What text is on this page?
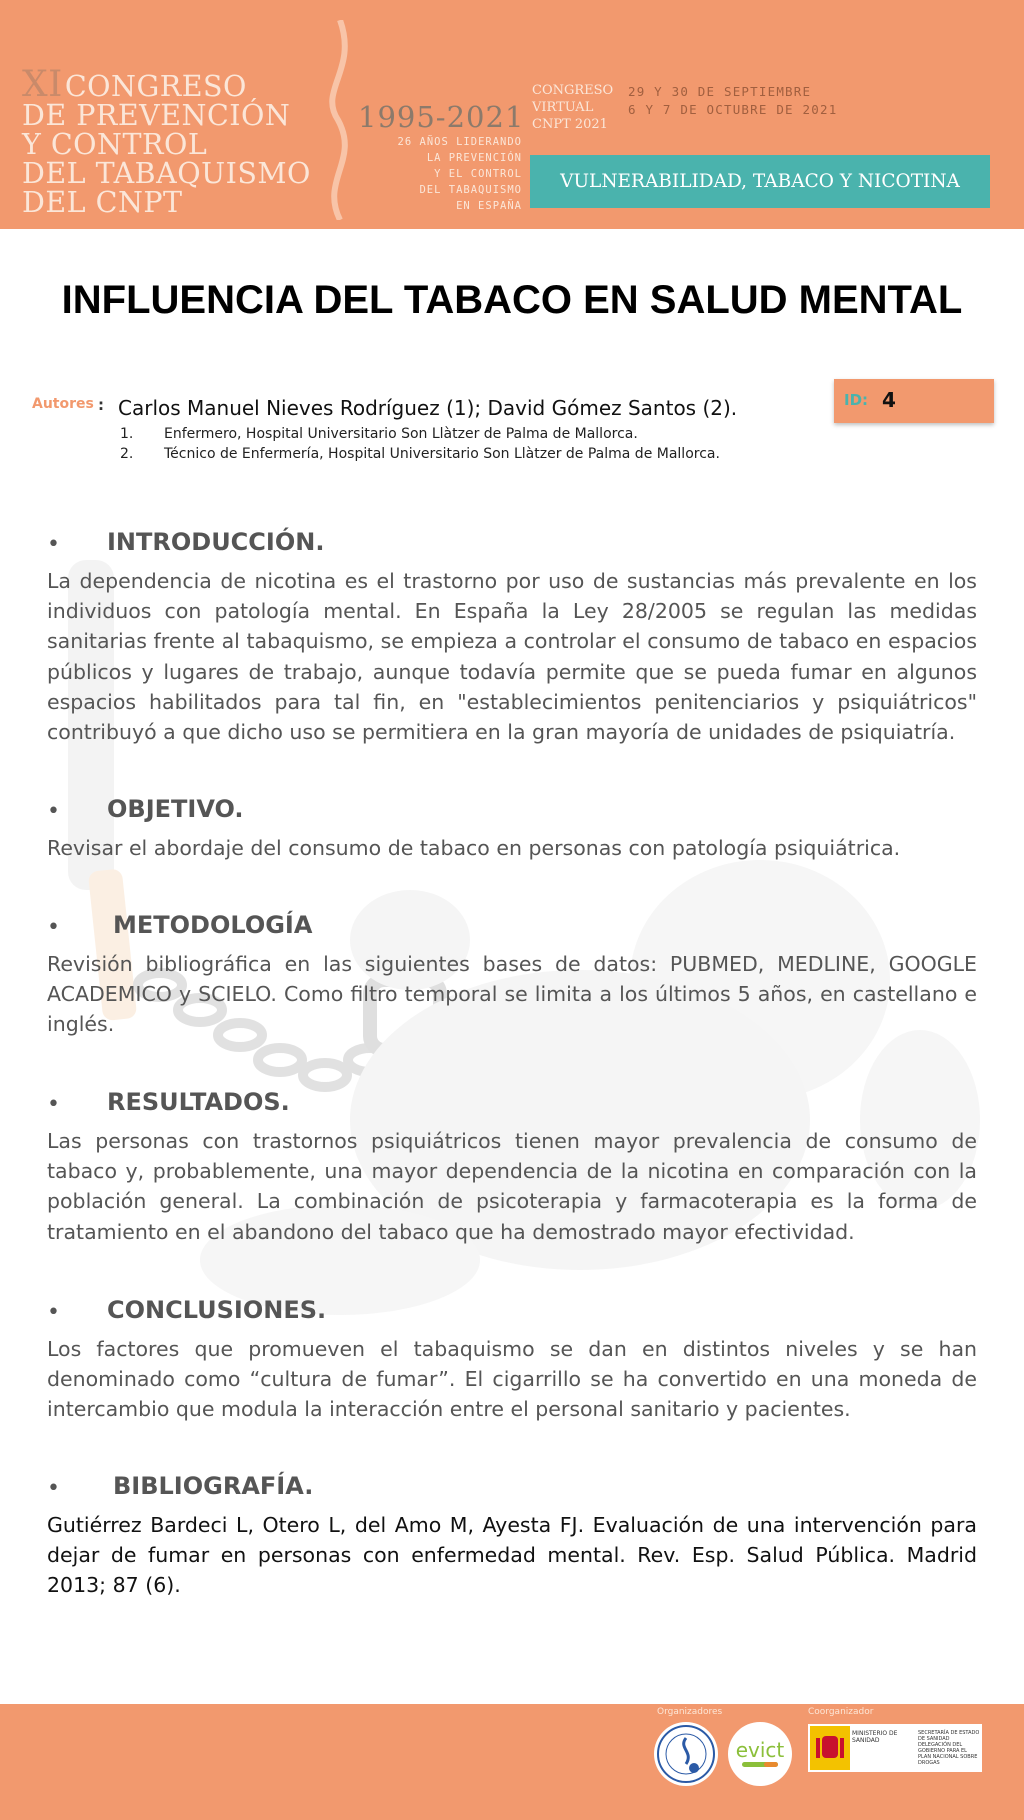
XICONGRESO
DE PREVENCIÓN
Y CONTROL
DEL TABAQUISMO
DEL CNPT
1995-2021
26 AÑOS LIDERANDO
LA PREVENCIÓN
Y EL CONTROL
DEL TABAQUISMO
EN ESPAÑA
CONGRESO
VIRTUAL
CNPT 2021
29 Y 30 DE SEPTIEMBRE
6 Y 7 DE OCTUBRE DE 2021
VULNERABILIDAD, TABACO Y NICOTINA
INFLUENCIA DEL TABACO EN SALUD MENTAL
Autores : Carlos Manuel Nieves Rodríguez (1); David Gómez Santos (2).
1. Enfermero, Hospital Universitario Son Llàtzer de Palma de Mallorca.
2. Técnico de Enfermería, Hospital Universitario Son Llàtzer de Palma de Mallorca.
ID: 4
• INTRODUCCIÓN.
La dependencia de nicotina es el trastorno por uso de sustancias más prevalente en los individuos con patología mental. En España la Ley 28/2005 se regulan las medidas sanitarias frente al tabaquismo, se empieza a controlar el consumo de tabaco en espacios públicos y lugares de trabajo, aunque todavía permite que se pueda fumar en algunos espacios habilitados para tal fin, en "establecimientos penitenciarios y psiquiátricos" contribuyó a que dicho uso se permitiera en la gran mayoría de unidades de psiquiatría.
• OBJETIVO.
Revisar el abordaje del consumo de tabaco en personas con patología psiquiátrica.
• METODOLOGÍA
Revisión bibliográfica en las siguientes bases de datos: PUBMED, MEDLINE, GOOGLE ACADEMICO y SCIELO. Como filtro temporal se limita a los últimos 5 años, en castellano e inglés.
• RESULTADOS.
Las personas con trastornos psiquiátricos tienen mayor prevalencia de consumo de tabaco y, probablemente, una mayor dependencia de la nicotina en comparación con la población general. La combinación de psicoterapia y farmacoterapia es la forma de tratamiento en el abandono del tabaco que ha demostrado mayor efectividad.
• CONCLUSIONES.
Los factores que promueven el tabaquismo se dan en distintos niveles y se han denominado como “cultura de fumar”. El cigarrillo se ha convertido en una moneda de intercambio que modula la interacción entre el personal sanitario y pacientes.
• BIBLIOGRAFÍA.
Gutiérrez Bardeci L, Otero L, del Amo M, Ayesta FJ. Evaluación de una intervención para dejar de fumar en personas con enfermedad mental. Rev. Esp. Salud Pública. Madrid 2013; 87 (6).
Organizadores	Coorganizador
evict
MINISTERIO DE SANIDAD
SECRETARÍA DE ESTADO DE SANIDAD
DELEGACIÓN DEL GOBIERNO PARA EL PLAN NACIONAL SOBRE DROGAS
